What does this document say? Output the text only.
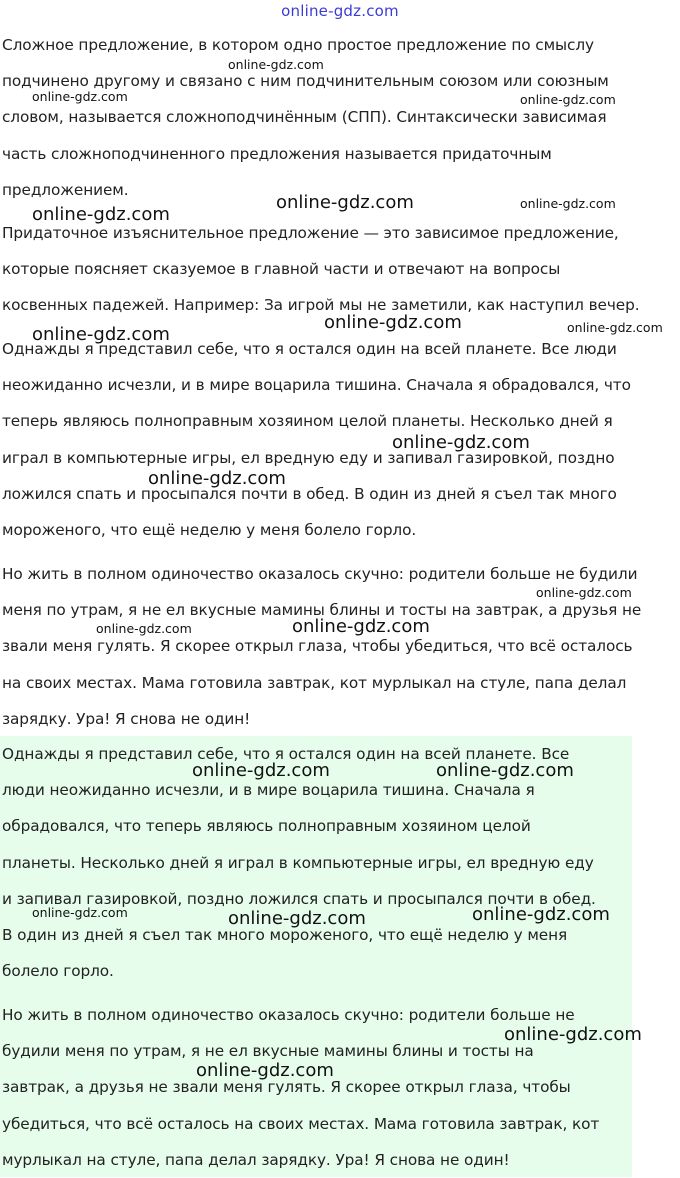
online-gdz.com
Сложное предложение, в котором одно простое предложение по смыслу
подчинено другому и связано с ним подчинительным союзом или союзным
словом, называется сложноподчинённым (СПП). Синтаксически зависимая
часть сложноподчиненного предложения называется придаточным
предложением.
Придаточное изъяснительное предложение — это зависимое предложение,
которые поясняет сказуемое в главной части и отвечают на вопросы
косвенных падежей. Например: За игрой мы не заметили, как наступил вечер.
Однажды я представил себе, что я остался один на всей планете. Все люди
неожиданно исчезли, и в мире воцарила тишина. Сначала я обрадовался, что
теперь являюсь полноправным хозяином целой планеты. Несколько дней я
играл в компьютерные игры, ел вредную еду и запивал газировкой, поздно
ложился спать и просыпался почти в обед. В один из дней я съел так много
мороженого, что ещё неделю у меня болело горло.
Но жить в полном одиночество оказалось скучно: родители больше не будили
меня по утрам, я не ел вкусные мамины блины и тосты на завтрак, а друзья не
звали меня гулять. Я скорее открыл глаза, чтобы убедиться, что всё осталось
на своих местах. Мама готовила завтрак, кот мурлыкал на стуле, папа делал
зарядку. Ура! Я снова не один!
Однажды я представил себе, что я остался один на всей планете. Все
люди неожиданно исчезли, и в мире воцарила тишина. Сначала я
обрадовался, что теперь являюсь полноправным хозяином целой
планеты. Несколько дней я играл в компьютерные игры, ел вредную еду
и запивал газировкой, поздно ложился спать и просыпался почти в обед.
В один из дней я съел так много мороженого, что ещё неделю у меня
болело горло.
Но жить в полном одиночество оказалось скучно: родители больше не
будили меня по утрам, я не ел вкусные мамины блины и тосты на
завтрак, а друзья не звали меня гулять. Я скорее открыл глаза, чтобы
убедиться, что всё осталось на своих местах. Мама готовила завтрак, кот
мурлыкал на стуле, папа делал зарядку. Ура! Я снова не один!
online-gdz.com
online-gdz.com	online-gdz.com
online-gdz.com	online-gdz.com
online-gdz.com
online-gdz.com	online-gdz.com
online-gdz.com
online-gdz.com
online-gdz.com
online-gdz.com
online-gdz.com
online-gdz.com
online-gdz.com	online-gdz.com
online-gdz.com	online-gdz.com
online-gdz.com
online-gdz.com
online-gdz.com
